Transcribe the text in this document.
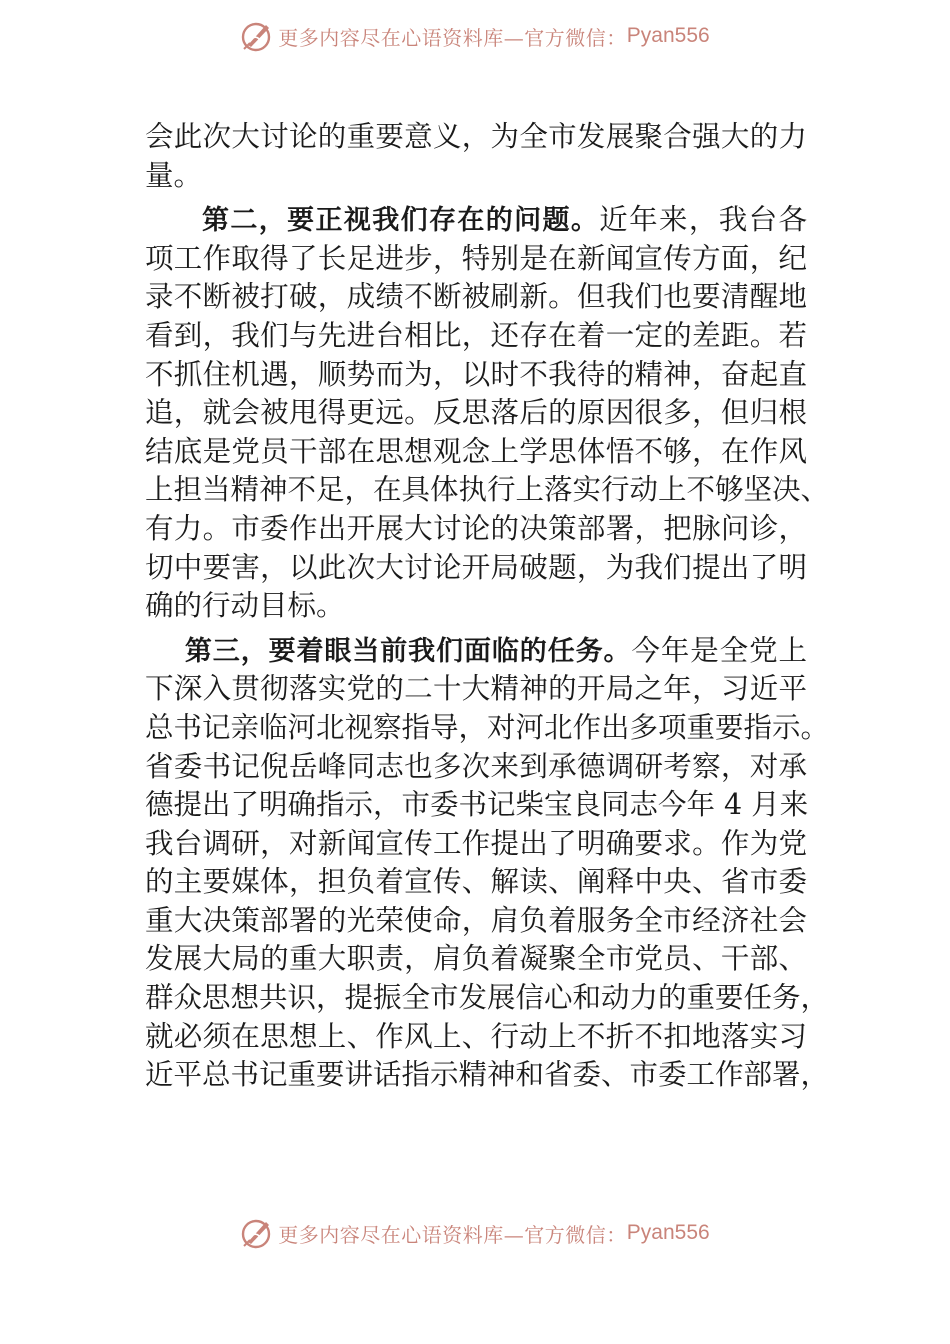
更多内容尽在心语资料库—官方微信： Pyan556
会此次大讨论的重要意义，为全市发展聚合强大的力
量。
第二，要正视我们存在的问题。近年来，我台各
项工作取得了长足进步，特别是在新闻宣传方面，纪
录不断被打破，成绩不断被刷新。但我们也要清醒地
看到，我们与先进台相比，还存在着一定的差距。若
不抓住机遇，顺势而为，以时不我待的精神，奋起直
追，就会被甩得更远。反思落后的原因很多，但归根
结底是党员干部在思想观念上学思体悟不够，在作风
上担当精神不足，在具体执行上落实行动上不够坚决、
有力。市委作出开展大讨论的决策部署，把脉问诊，
切中要害，以此次大讨论开局破题，为我们提出了明
确的行动目标。
第三，要着眼当前我们面临的任务。今年是全党上
下深入贯彻落实党的二十大精神的开局之年，习近平
总书记亲临河北视察指导，对河北作出多项重要指示。
省委书记倪岳峰同志也多次来到承德调研考察，对承
德提出了明确指示，市委书记柴宝良同志今年 4 月来
我台调研，对新闻宣传工作提出了明确要求。作为党
的主要媒体，担负着宣传、解读、阐释中央、省市委
重大决策部署的光荣使命，肩负着服务全市经济社会
发展大局的重大职责，肩负着凝聚全市党员、干部、
群众思想共识，提振全市发展信心和动力的重要任务，
就必须在思想上、作风上、行动上不折不扣地落实习
近平总书记重要讲话指示精神和省委、市委工作部署，
更多内容尽在心语资料库—官方微信： Pyan556
